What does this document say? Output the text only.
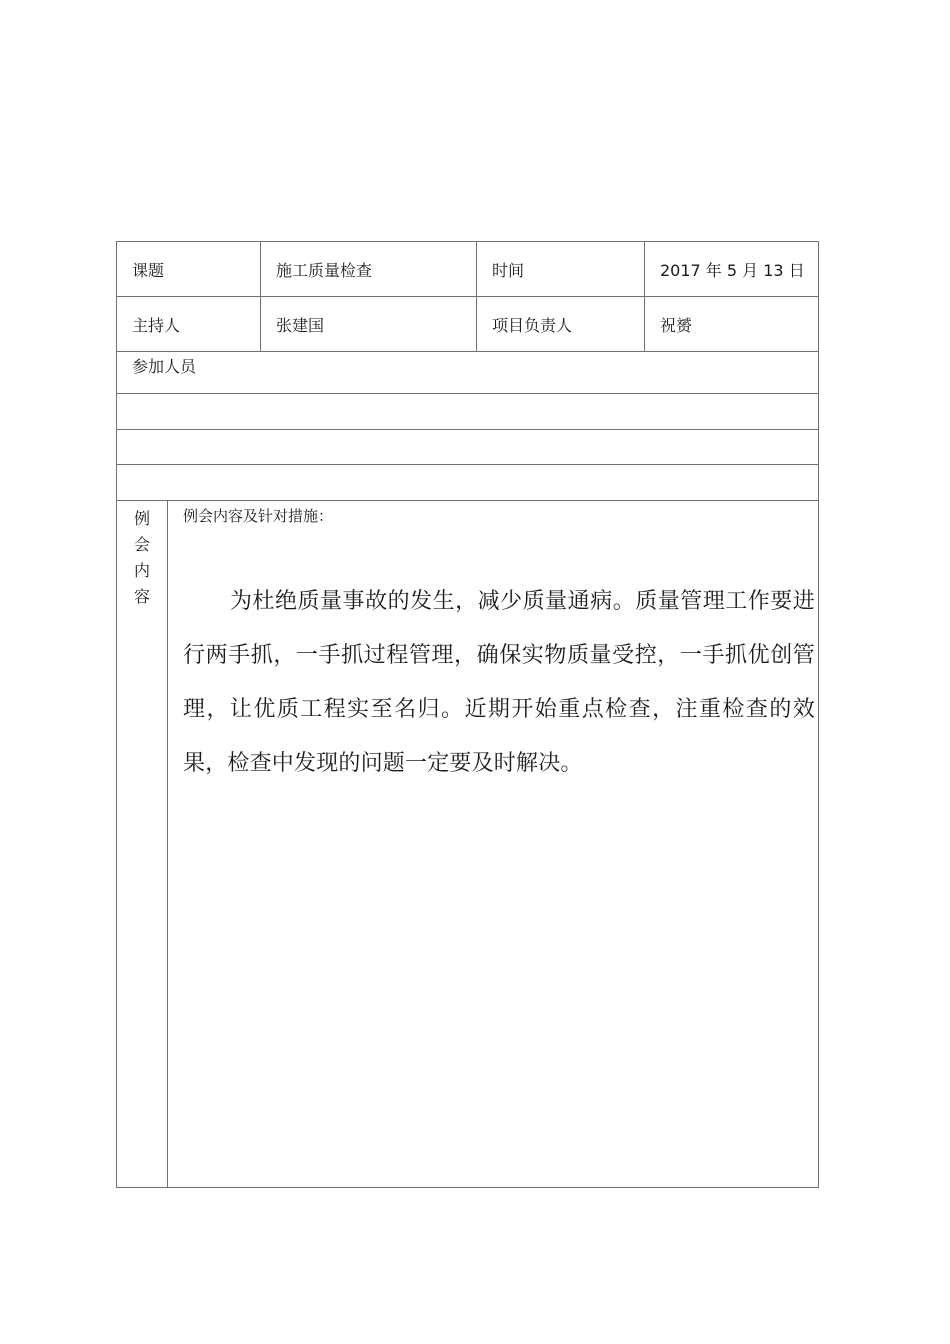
课题	施工质量检查	时间	2017 年 5 月 13 日
主持人	张建国	项目负责人	祝赟
参加人员
例
会
内
容
例会内容及针对措施：
为杜绝质量事故的发生，减少质量通病。质量管理工作要进行两手抓，一手抓过程管理，确保实物质量受控，一手抓优创管理，让优质工程实至名归。近期开始重点检查，注重检查的效果，检查中发现的问题一定要及时解决。
